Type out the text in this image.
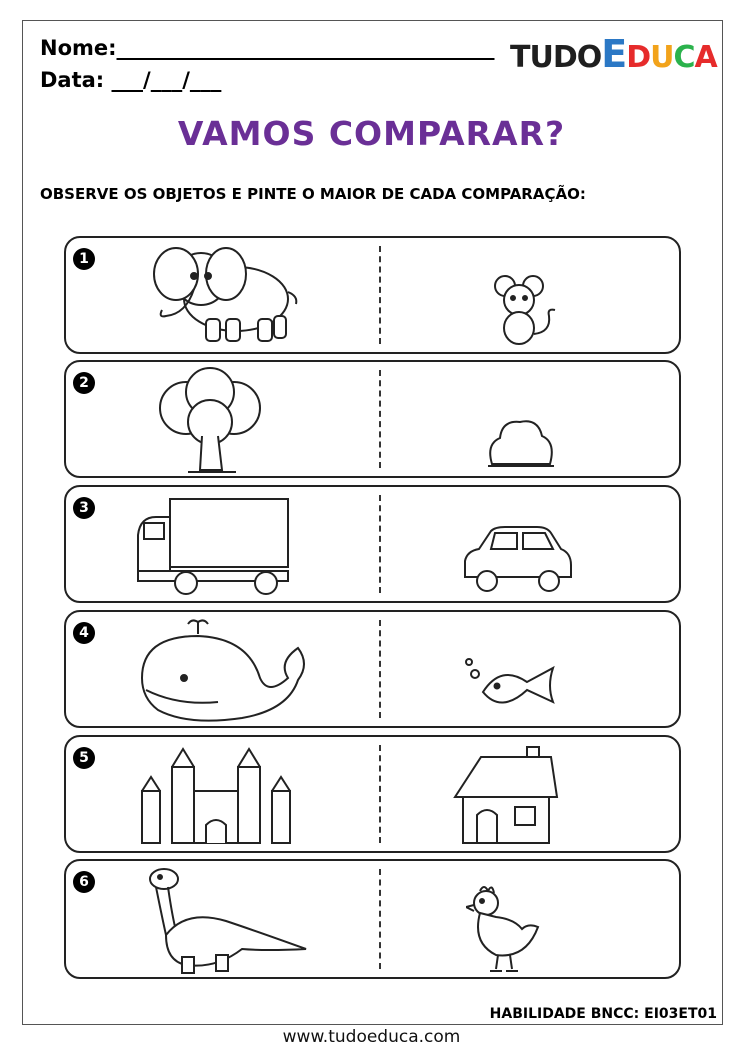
Nome:____________________________________
Data: ___/___/___
TUDOEDUCA
VAMOS COMPARAR?
OBSERVE OS OBJETOS E PINTE O MAIOR DE CADA COMPARAÇÃO:
1
2
3
4
5
6
HABILIDADE BNCC: EI03ET01
www.tudoeduca.com
